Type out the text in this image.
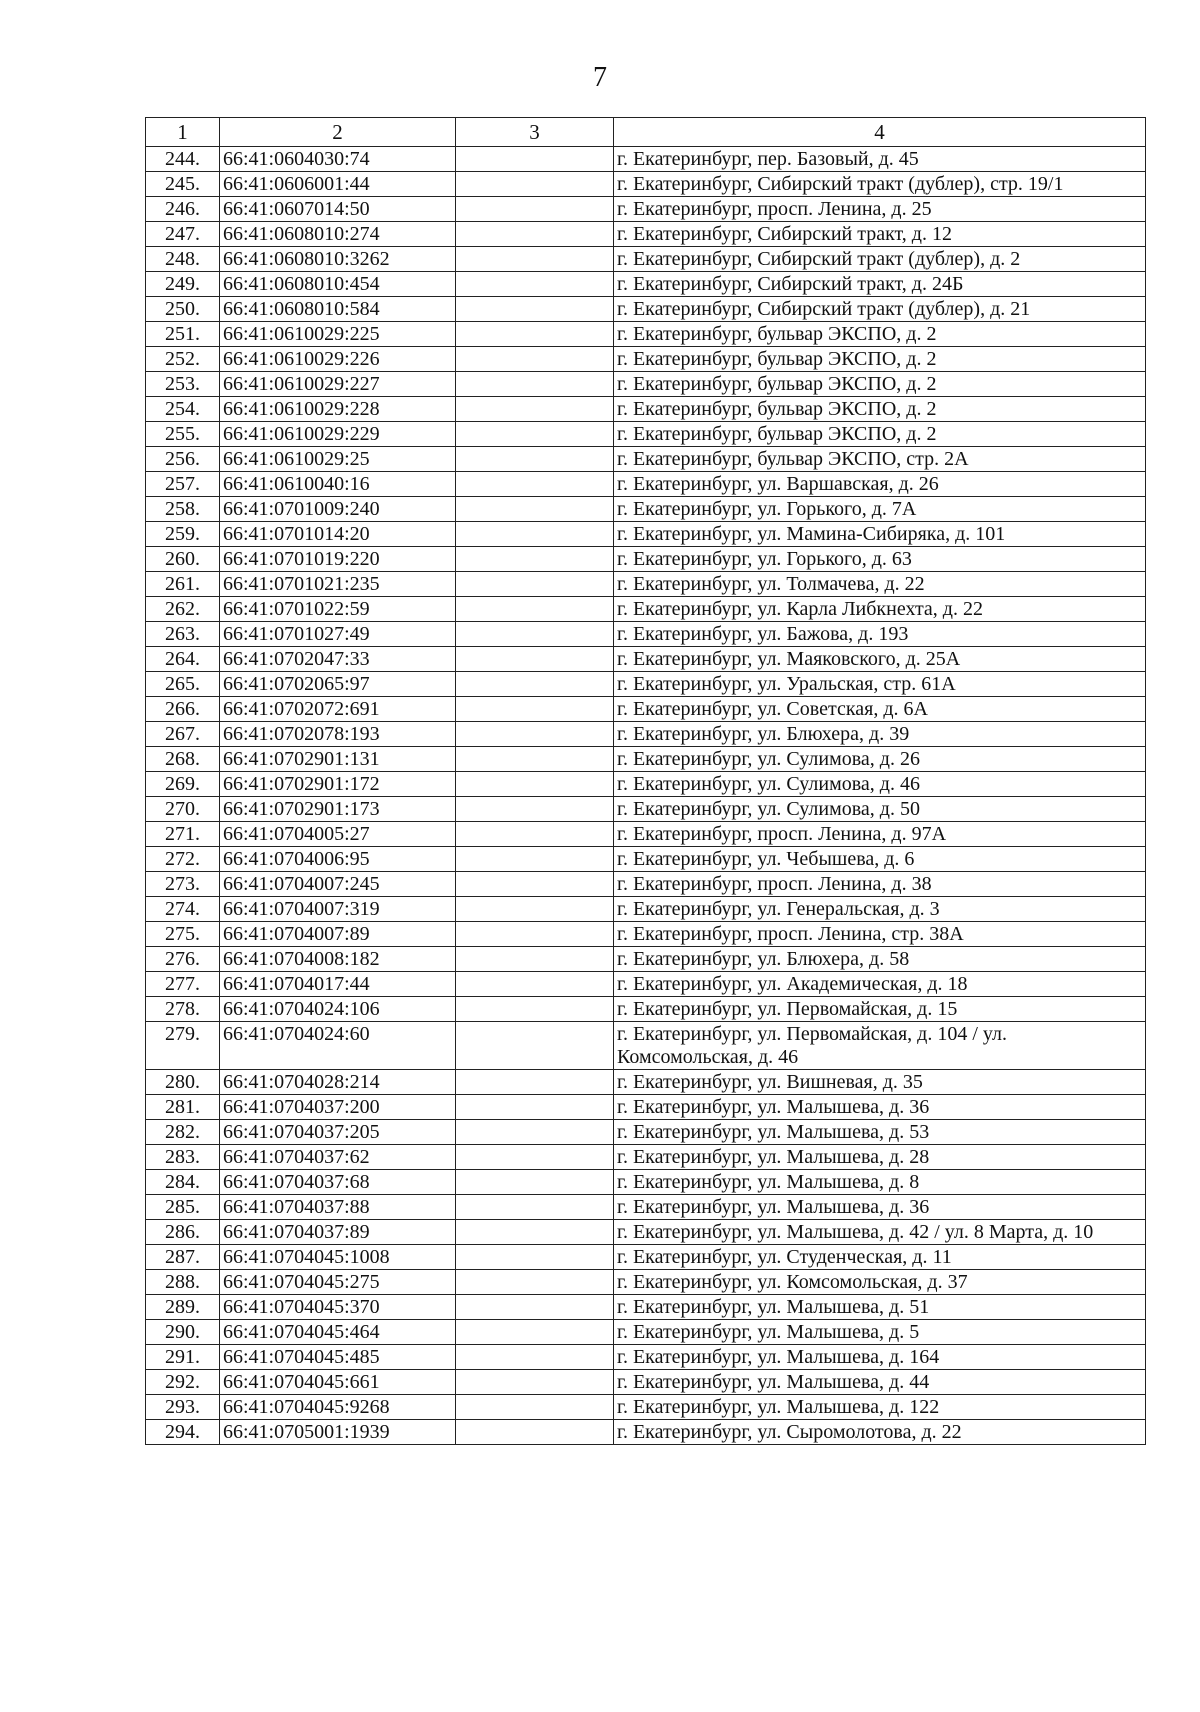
7
1	2	3	4
244.	66:41:0604030:74		г. Екатеринбург, пер. Базовый, д. 45
245.	66:41:0606001:44		г. Екатеринбург, Сибирский тракт (дублер), стр. 19/1
246.	66:41:0607014:50		г. Екатеринбург, просп. Ленина, д. 25
247.	66:41:0608010:274		г. Екатеринбург, Сибирский тракт, д. 12
248.	66:41:0608010:3262		г. Екатеринбург, Сибирский тракт (дублер), д. 2
249.	66:41:0608010:454		г. Екатеринбург, Сибирский тракт, д. 24Б
250.	66:41:0608010:584		г. Екатеринбург, Сибирский тракт (дублер), д. 21
251.	66:41:0610029:225		г. Екатеринбург, бульвар ЭКСПО, д. 2
252.	66:41:0610029:226		г. Екатеринбург, бульвар ЭКСПО, д. 2
253.	66:41:0610029:227		г. Екатеринбург, бульвар ЭКСПО, д. 2
254.	66:41:0610029:228		г. Екатеринбург, бульвар ЭКСПО, д. 2
255.	66:41:0610029:229		г. Екатеринбург, бульвар ЭКСПО, д. 2
256.	66:41:0610029:25		г. Екатеринбург, бульвар ЭКСПО, стр. 2А
257.	66:41:0610040:16		г. Екатеринбург, ул. Варшавская, д. 26
258.	66:41:0701009:240		г. Екатеринбург, ул. Горького, д. 7А
259.	66:41:0701014:20		г. Екатеринбург, ул. Мамина-Сибиряка, д. 101
260.	66:41:0701019:220		г. Екатеринбург, ул. Горького, д. 63
261.	66:41:0701021:235		г. Екатеринбург, ул. Толмачева, д. 22
262.	66:41:0701022:59		г. Екатеринбург, ул. Карла Либкнехта, д. 22
263.	66:41:0701027:49		г. Екатеринбург, ул. Бажова, д. 193
264.	66:41:0702047:33		г. Екатеринбург, ул. Маяковского, д. 25А
265.	66:41:0702065:97		г. Екатеринбург, ул. Уральская, стр. 61А
266.	66:41:0702072:691		г. Екатеринбург, ул. Советская, д. 6А
267.	66:41:0702078:193		г. Екатеринбург, ул. Блюхера, д. 39
268.	66:41:0702901:131		г. Екатеринбург, ул. Сулимова, д. 26
269.	66:41:0702901:172		г. Екатеринбург, ул. Сулимова, д. 46
270.	66:41:0702901:173		г. Екатеринбург, ул. Сулимова, д. 50
271.	66:41:0704005:27		г. Екатеринбург, просп. Ленина, д. 97А
272.	66:41:0704006:95		г. Екатеринбург, ул. Чебышева, д. 6
273.	66:41:0704007:245		г. Екатеринбург, просп. Ленина, д. 38
274.	66:41:0704007:319		г. Екатеринбург, ул. Генеральская, д. 3
275.	66:41:0704007:89		г. Екатеринбург, просп. Ленина, стр. 38А
276.	66:41:0704008:182		г. Екатеринбург, ул. Блюхера, д. 58
277.	66:41:0704017:44		г. Екатеринбург, ул. Академическая, д. 18
278.	66:41:0704024:106		г. Екатеринбург, ул. Первомайская, д. 15
279.	66:41:0704024:60		г. Екатеринбург, ул. Первомайская, д. 104 / ул. Комсомольская, д. 46
280.	66:41:0704028:214		г. Екатеринбург, ул. Вишневая, д. 35
281.	66:41:0704037:200		г. Екатеринбург, ул. Малышева, д. 36
282.	66:41:0704037:205		г. Екатеринбург, ул. Малышева, д. 53
283.	66:41:0704037:62		г. Екатеринбург, ул. Малышева, д. 28
284.	66:41:0704037:68		г. Екатеринбург, ул. Малышева, д. 8
285.	66:41:0704037:88		г. Екатеринбург, ул. Малышева, д. 36
286.	66:41:0704037:89		г. Екатеринбург, ул. Малышева, д. 42 / ул. 8 Марта, д. 10
287.	66:41:0704045:1008		г. Екатеринбург, ул. Студенческая, д. 11
288.	66:41:0704045:275		г. Екатеринбург, ул. Комсомольская, д. 37
289.	66:41:0704045:370		г. Екатеринбург, ул. Малышева, д. 51
290.	66:41:0704045:464		г. Екатеринбург, ул. Малышева, д. 5
291.	66:41:0704045:485		г. Екатеринбург, ул. Малышева, д. 164
292.	66:41:0704045:661		г. Екатеринбург, ул. Малышева, д. 44
293.	66:41:0704045:9268		г. Екатеринбург, ул. Малышева, д. 122
294.	66:41:0705001:1939		г. Екатеринбург, ул. Сыромолотова, д. 22
